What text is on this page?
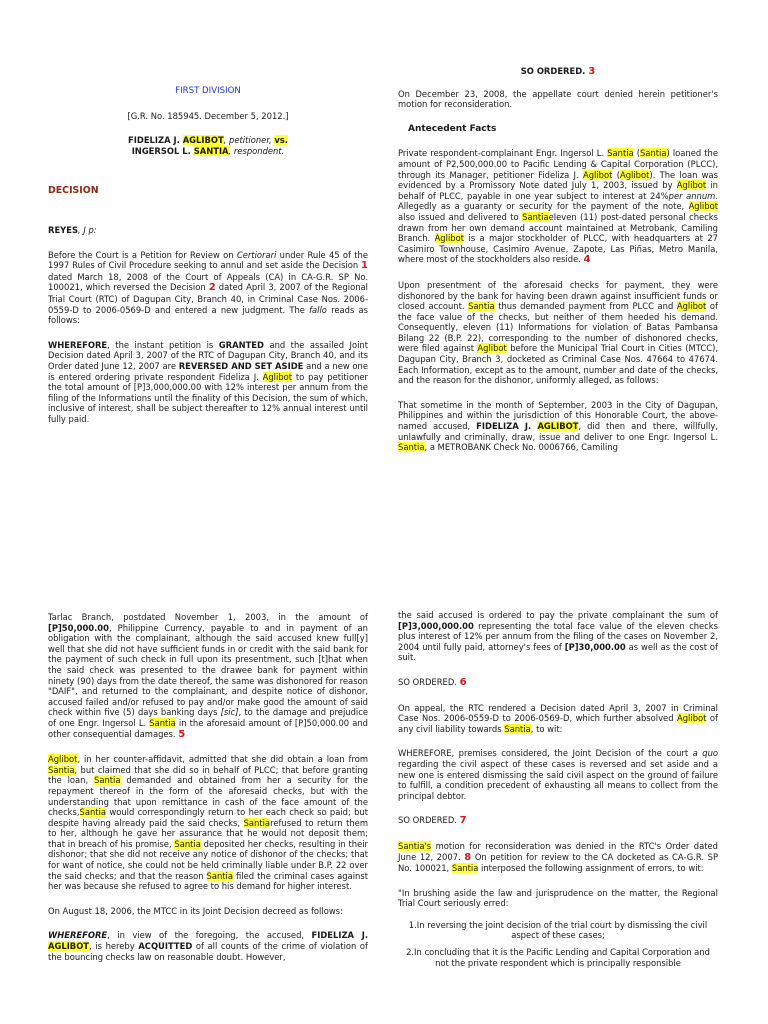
FIRST DIVISION

[G.R. No. 185945. December 5, 2012.]

FIDELIZA J. AGLIBOT, petitioner, vs. INGERSOL L. SANTIA, respondent.

DECISION

REYES, J p:

Before the Court is a Petition for Review on Certiorari under Rule 45 of the 1997 Rules of Civil Procedure seeking to annul and set aside the Decision 1 dated March 18, 2008 of the Court of Appeals (CA) in CA-G.R. SP No. 100021, which reversed the Decision 2 dated April 3, 2007 of the Regional Trial Court (RTC) of Dagupan City, Branch 40, in Criminal Case Nos. 2006-0559-D to 2006-0569-D and entered a new judgment. The fallo reads as follows:

WHEREFORE, the instant petition is GRANTED and the assailed Joint Decision dated April 3, 2007 of the RTC of Dagupan City, Branch 40, and its Order dated June 12, 2007 are REVERSED AND SET ASIDE and a new one is entered ordering private respondent Fideliza J. Aglibot to pay petitioner the total amount of [P]3,000,000.00 with 12% interest per annum from the filing of the Informations until the finality of this Decision, the sum of which, inclusive of interest, shall be subject thereafter to 12% annual interest until fully paid.

SO ORDERED. 3

On December 23, 2008, the appellate court denied herein petitioner's motion for reconsideration.

Antecedent Facts

Private respondent-complainant Engr. Ingersol L. Santia (Santia) loaned the amount of P2,500,000.00 to Pacific Lending & Capital Corporation (PLCC), through its Manager, petitioner Fideliza J. Aglibot (Aglibot). The loan was evidenced by a Promissory Note dated July 1, 2003, issued by Aglibot in behalf of PLCC, payable in one year subject to interest at 24%per annum. Allegedly as a guaranty or security for the payment of the note, Aglibot also issued and delivered to Santiaeleven (11) post-dated personal checks drawn from her own demand account maintained at Metrobank, Camiling Branch. Aglibot is a major stockholder of PLCC, with headquarters at 27 Casimiro Townhouse, Casimiro Avenue, Zapote, Las Piñas, Metro Manila, where most of the stockholders also reside. 4

Upon presentment of the aforesaid checks for payment, they were dishonored by the bank for having been drawn against insufficient funds or closed account. Santia thus demanded payment from PLCC and Aglibot of the face value of the checks, but neither of them heeded his demand. Consequently, eleven (11) Informations for violation of Batas Pambansa Bilang 22 (B.P. 22), corresponding to the number of dishonored checks, were filed against Aglibot before the Municipal Trial Court in Cities (MTCC), Dagupan City, Branch 3, docketed as Criminal Case Nos. 47664 to 47674. Each Information, except as to the amount, number and date of the checks, and the reason for the dishonor, uniformly alleged, as follows:

That sometime in the month of September, 2003 in the City of Dagupan, Philippines and within the jurisdiction of this Honorable Court, the above-named accused, FIDELIZA J. AGLIBOT, did then and there, willfully, unlawfully and criminally, draw, issue and deliver to one Engr. Ingersol L. Santia, a METROBANK Check No. 0006766, Camiling

Tarlac Branch, postdated November 1, 2003, in the amount of [P]50,000.00, Philippine Currency, payable to and in payment of an obligation with the complainant, although the said accused knew full[y] well that she did not have sufficient funds in or credit with the said bank for the payment of such check in full upon its presentment, such [t]hat when the said check was presented to the drawee bank for payment within ninety (90) days from the date thereof, the same was dishonored for reason "DAIF", and returned to the complainant, and despite notice of dishonor, accused failed and/or refused to pay and/or make good the amount of said check within five (5) days banking days [sic], to the damage and prejudice of one Engr. Ingersol L. Santia in the aforesaid amount of [P]50,000.00 and other consequential damages. 5

Aglibot, in her counter-affidavit, admitted that she did obtain a loan from Santia, but claimed that she did so in behalf of PLCC; that before granting the loan, Santia demanded and obtained from her a security for the repayment thereof in the form of the aforesaid checks, but with the understanding that upon remittance in cash of the face amount of the checks,Santia would correspondingly return to her each check so paid; but despite having already paid the said checks, Santiarefused to return them to her, although he gave her assurance that he would not deposit them; that in breach of his promise, Santia deposited her checks, resulting in their dishonor; that she did not receive any notice of dishonor of the checks; that for want of notice, she could not be held criminally liable under B.P. 22 over the said checks; and that the reason Santia filed the criminal cases against her was because she refused to agree to his demand for higher interest.

On August 18, 2006, the MTCC in its Joint Decision decreed as follows:

WHEREFORE, in view of the foregoing, the accused, FIDELIZA J. AGLIBOT, is hereby ACQUITTED of all counts of the crime of violation of the bouncing checks law on reasonable doubt. However,

the said accused is ordered to pay the private complainant the sum of [P]3,000,000.00 representing the total face value of the eleven checks plus interest of 12% per annum from the filing of the cases on November 2, 2004 until fully paid, attorney's fees of [P]30,000.00 as well as the cost of suit.

SO ORDERED. 6

On appeal, the RTC rendered a Decision dated April 3, 2007 in Criminal Case Nos. 2006-0559-D to 2006-0569-D, which further absolved Aglibot of any civil liability towards Santia, to wit:

WHEREFORE, premises considered, the Joint Decision of the court a quo regarding the civil aspect of these cases is reversed and set aside and a new one is entered dismissing the said civil aspect on the ground of failure to fulfill, a condition precedent of exhausting all means to collect from the principal debtor.

SO ORDERED. 7

Santia's motion for reconsideration was denied in the RTC's Order dated June 12, 2007. 8 On petition for review to the CA docketed as CA-G.R. SP No. 100021, Santia interposed the following assignment of errors, to wit:

"In brushing aside the law and jurisprudence on the matter, the Regional Trial Court seriously erred:

1.In reversing the joint decision of the trial court by dismissing the civil aspect of these cases;

2.In concluding that it is the Pacific Lending and Capital Corporation and not the private respondent which is principally responsible
